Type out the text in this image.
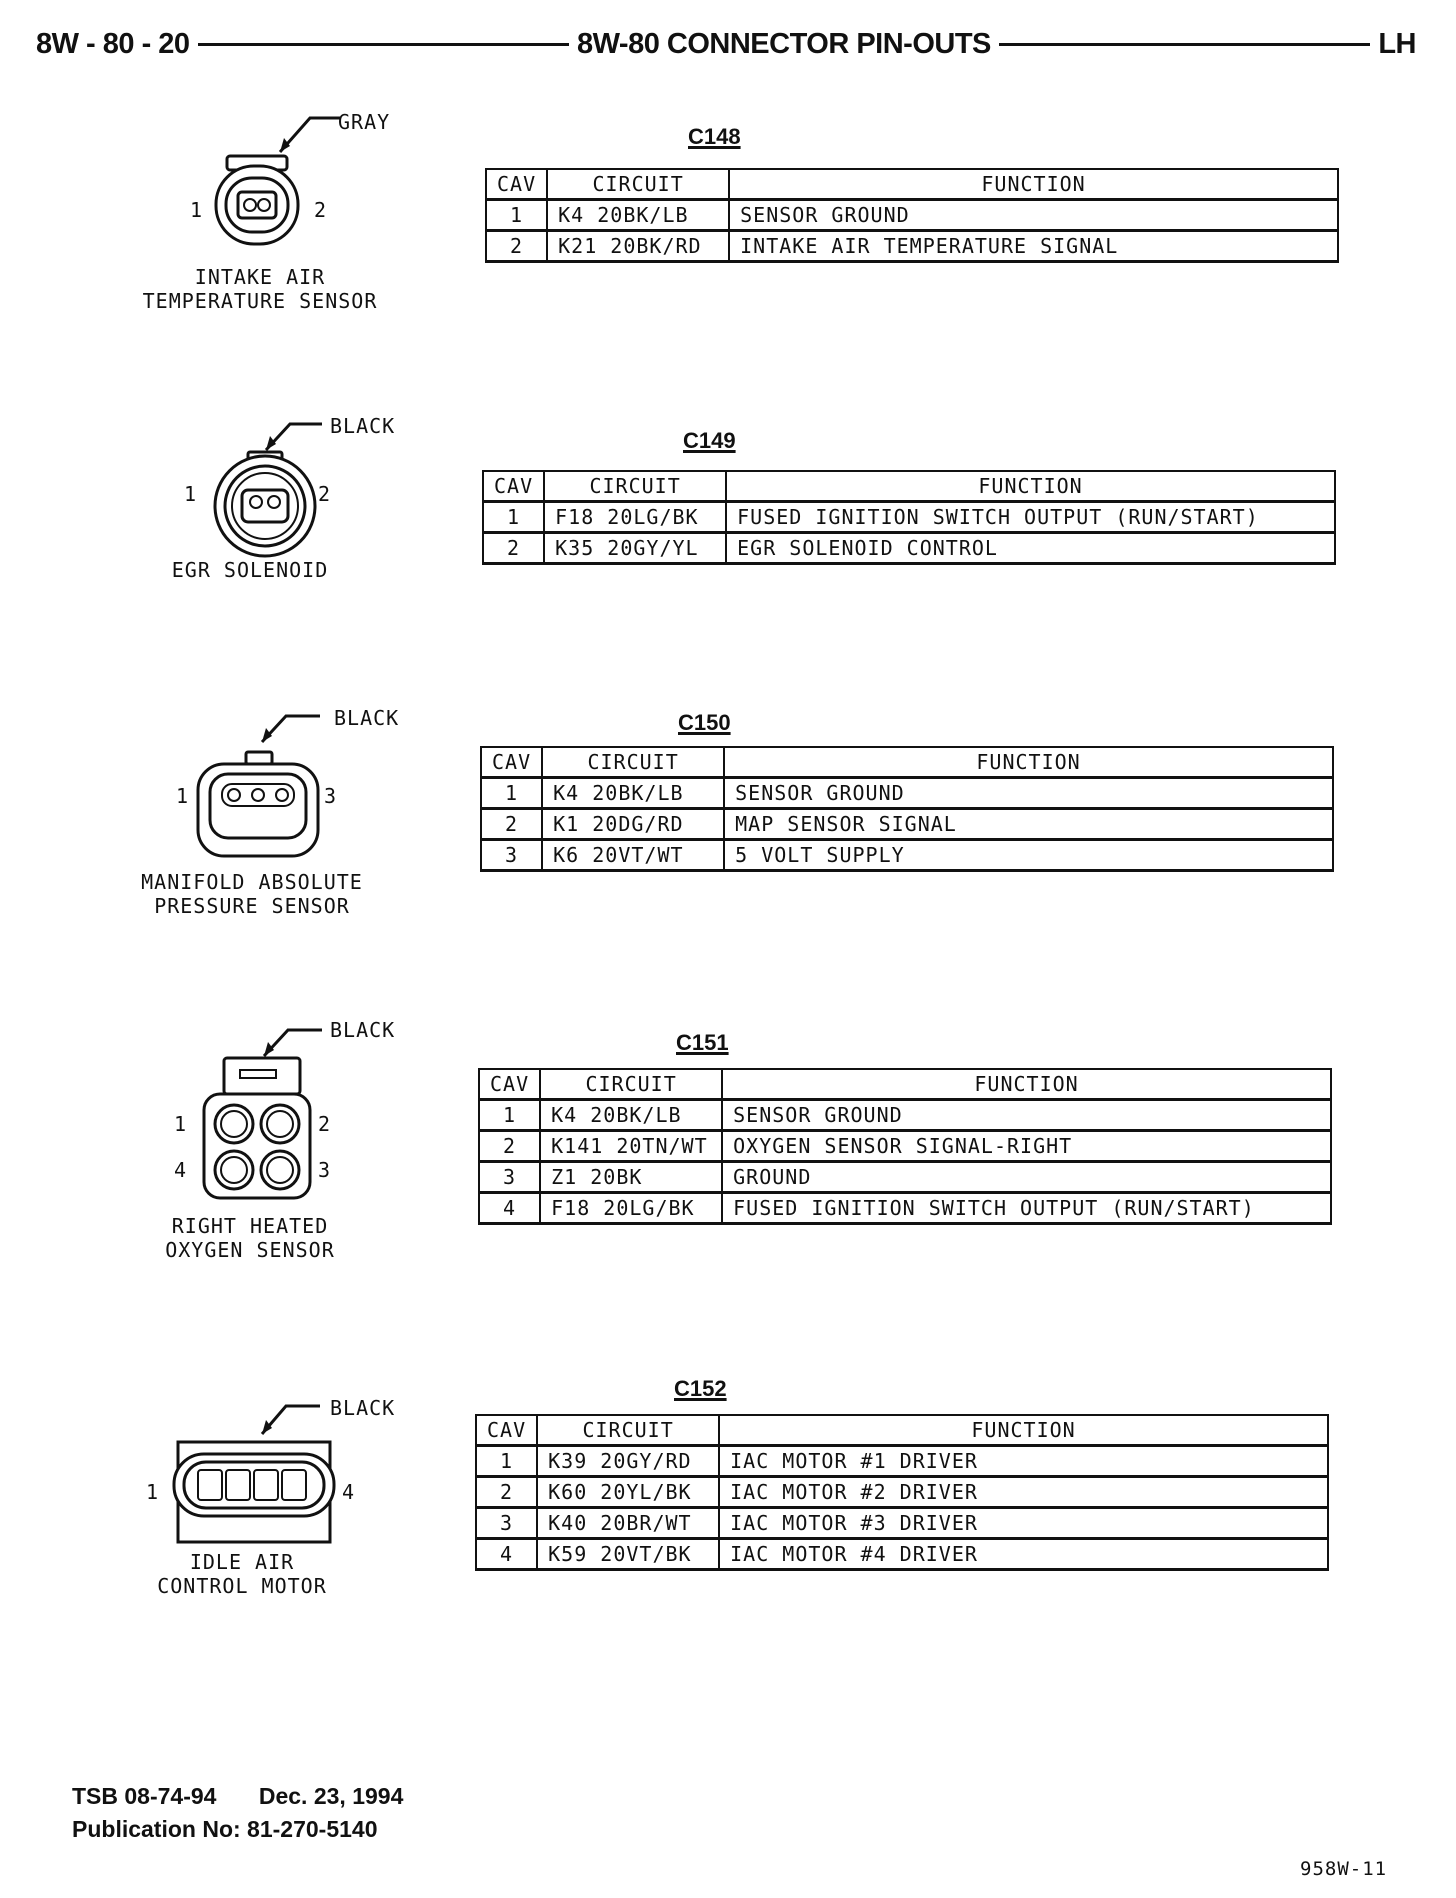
8W - 80 - 20	8W-80 CONNECTOR PIN-OUTS	LH
GRAY
1	2
INTAKE AIR
TEMPERATURE SENSOR
C148
CAV	CIRCUIT	FUNCTION
1	K4 20BK/LB	SENSOR GROUND
2	K21 20BK/RD	INTAKE AIR TEMPERATURE SIGNAL
BLACK
1	2
EGR SOLENOID
C149
CAV	CIRCUIT	FUNCTION
1	F18 20LG/BK	FUSED IGNITION SWITCH OUTPUT (RUN/START)
2	K35 20GY/YL	EGR SOLENOID CONTROL
BLACK
1	3
MANIFOLD ABSOLUTE
PRESSURE SENSOR
C150
CAV	CIRCUIT	FUNCTION
1	K4 20BK/LB	SENSOR GROUND
2	K1 20DG/RD	MAP SENSOR SIGNAL
3	K6 20VT/WT	5 VOLT SUPPLY
BLACK
1	2
4	3
RIGHT HEATED
OXYGEN SENSOR
C151
CAV	CIRCUIT	FUNCTION
1	K4 20BK/LB	SENSOR GROUND
2	K141 20TN/WT	OXYGEN SENSOR SIGNAL-RIGHT
3	Z1 20BK	GROUND
4	F18 20LG/BK	FUSED IGNITION SWITCH OUTPUT (RUN/START)
BLACK
1	4
IDLE AIR
CONTROL MOTOR
C152
CAV	CIRCUIT	FUNCTION
1	K39 20GY/RD	IAC MOTOR #1 DRIVER
2	K60 20YL/BK	IAC MOTOR #2 DRIVER
3	K40 20BR/WT	IAC MOTOR #3 DRIVER
4	K59 20VT/BK	IAC MOTOR #4 DRIVER
TSB 08-74-94 Dec. 23, 1994
Publication No: 81-270-5140
958W-11
